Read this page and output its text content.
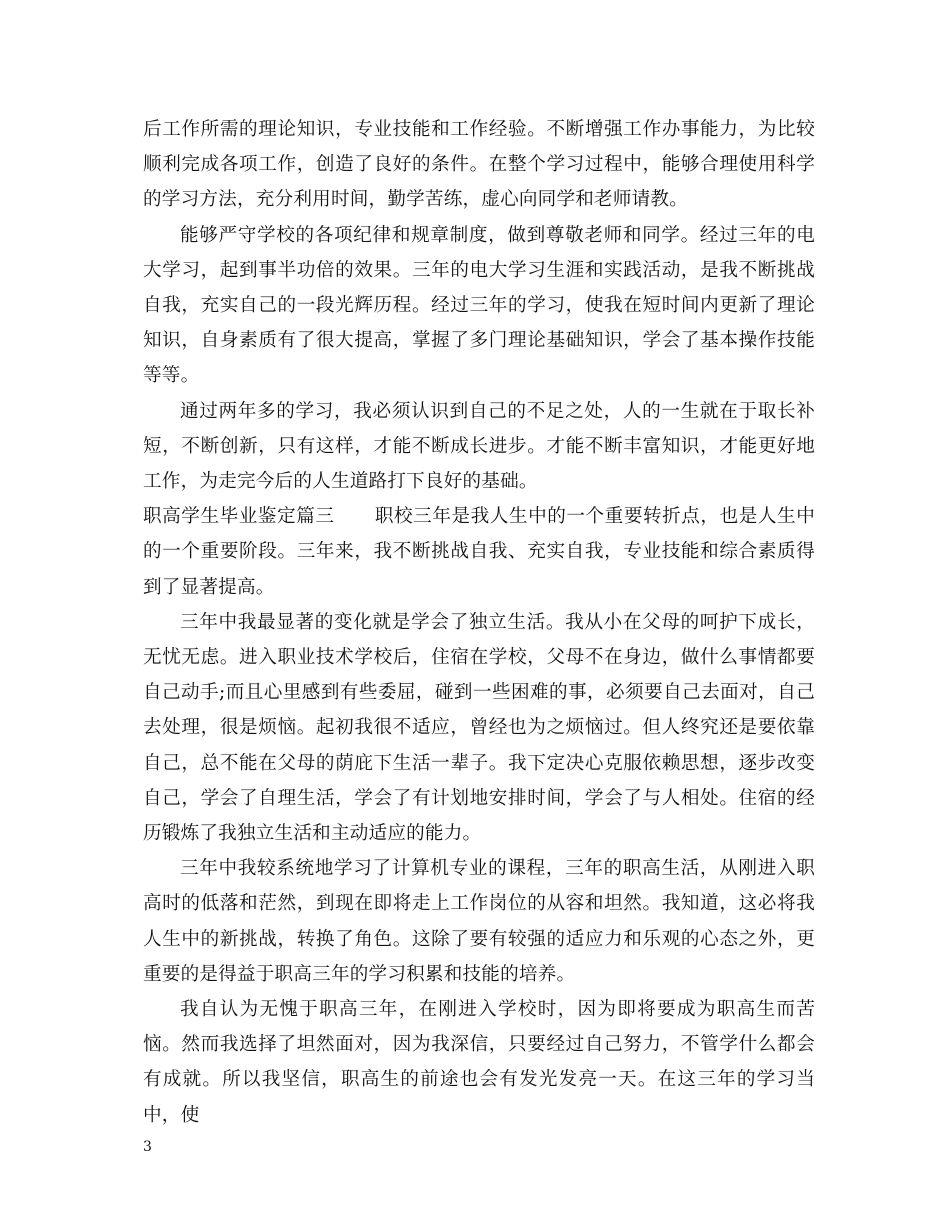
后工作所需的理论知识，专业技能和工作经验。不断增强工作办事能力，为比较顺利完成各项工作，创造了良好的条件。在整个学习过程中，能够合理使用科学的学习方法，充分利用时间，勤学苦练，虚心向同学和老师请教。

能够严守学校的各项纪律和规章制度，做到尊敬老师和同学。经过三年的电大学习，起到事半功倍的效果。三年的电大学习生涯和实践活动，是我不断挑战自我，充实自己的一段光辉历程。经过三年的学习，使我在短时间内更新了理论知识，自身素质有了很大提高，掌握了多门理论基础知识，学会了基本操作技能等等。

通过两年多的学习，我必须认识到自己的不足之处，人的一生就在于取长补短，不断创新，只有这样，才能不断成长进步。才能不断丰富知识，才能更好地工作，为走完今后的人生道路打下良好的基础。

职高学生毕业鉴定篇三 职校三年是我人生中的一个重要转折点，也是人生中的一个重要阶段。三年来，我不断挑战自我、充实自我，专业技能和综合素质得到了显著提高。

三年中我最显著的变化就是学会了独立生活。我从小在父母的呵护下成长，无忧无虑。进入职业技术学校后，住宿在学校，父母不在身边，做什么事情都要自己动手;而且心里感到有些委屈，碰到一些困难的事，必须要自己去面对，自己去处理，很是烦恼。起初我很不适应，曾经也为之烦恼过。但人终究还是要依靠自己，总不能在父母的荫庇下生活一辈子。我下定决心克服依赖思想，逐步改变自己，学会了自理生活，学会了有计划地安排时间，学会了与人相处。住宿的经历锻炼了我独立生活和主动适应的能力。

三年中我较系统地学习了计算机专业的课程，三年的职高生活，从刚进入职高时的低落和茫然，到现在即将走上工作岗位的从容和坦然。我知道，这必将我人生中的新挑战，转换了角色。这除了要有较强的适应力和乐观的心态之外，更重要的是得益于职高三年的学习积累和技能的培养。

我自认为无愧于职高三年，在刚进入学校时，因为即将要成为职高生而苦恼。然而我选择了坦然面对，因为我深信，只要经过自己努力，不管学什么都会有成就。所以我坚信，职高生的前途也会有发光发亮一天。在这三年的学习当中，使

3
